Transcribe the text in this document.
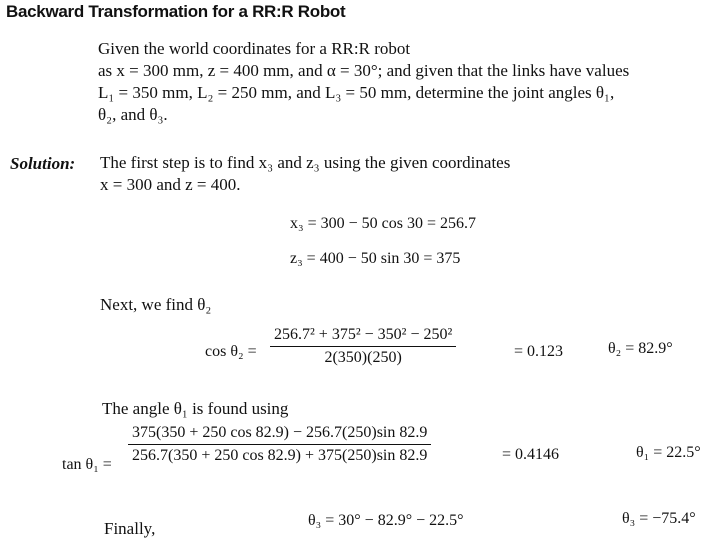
Backward Transformation for a RR:R Robot
Given the world coordinates for a RR:R robot
as x = 300 mm, z = 400 mm, and α = 30°; and given that the links have values
L₁ = 350 mm, L₂ = 250 mm, and L₃ = 50 mm, determine the joint angles θ₁,
θ₂, and θ₃.
Solution: The first step is to find x₃ and z₃ using the given coordinates
x = 300 and z = 400.
x₃ = 300 − 50 cos 30 = 256.7
z₃ = 400 − 50 sin 30 = 375
Next, we find θ₂
$\cos \theta_2 = \frac{\text{256.7² + 375² − 350² − 250²}}{2(350)(250)}$	= 0.123	θ₂ = 82.9°
The angle θ₁ is found using
$\tan \theta_1 = \frac{375(350 + 250 \cos 82.9) - 256.7(250)\sin 82.9}{256.7(350 + 250 \cos 82.9) + 375(250)\sin 82.9}$	= 0.4146	θ₁ = 22.5°
Finally,	θ₃ = 30° − 82.9° − 22.5°	θ₃ = −75.4°
